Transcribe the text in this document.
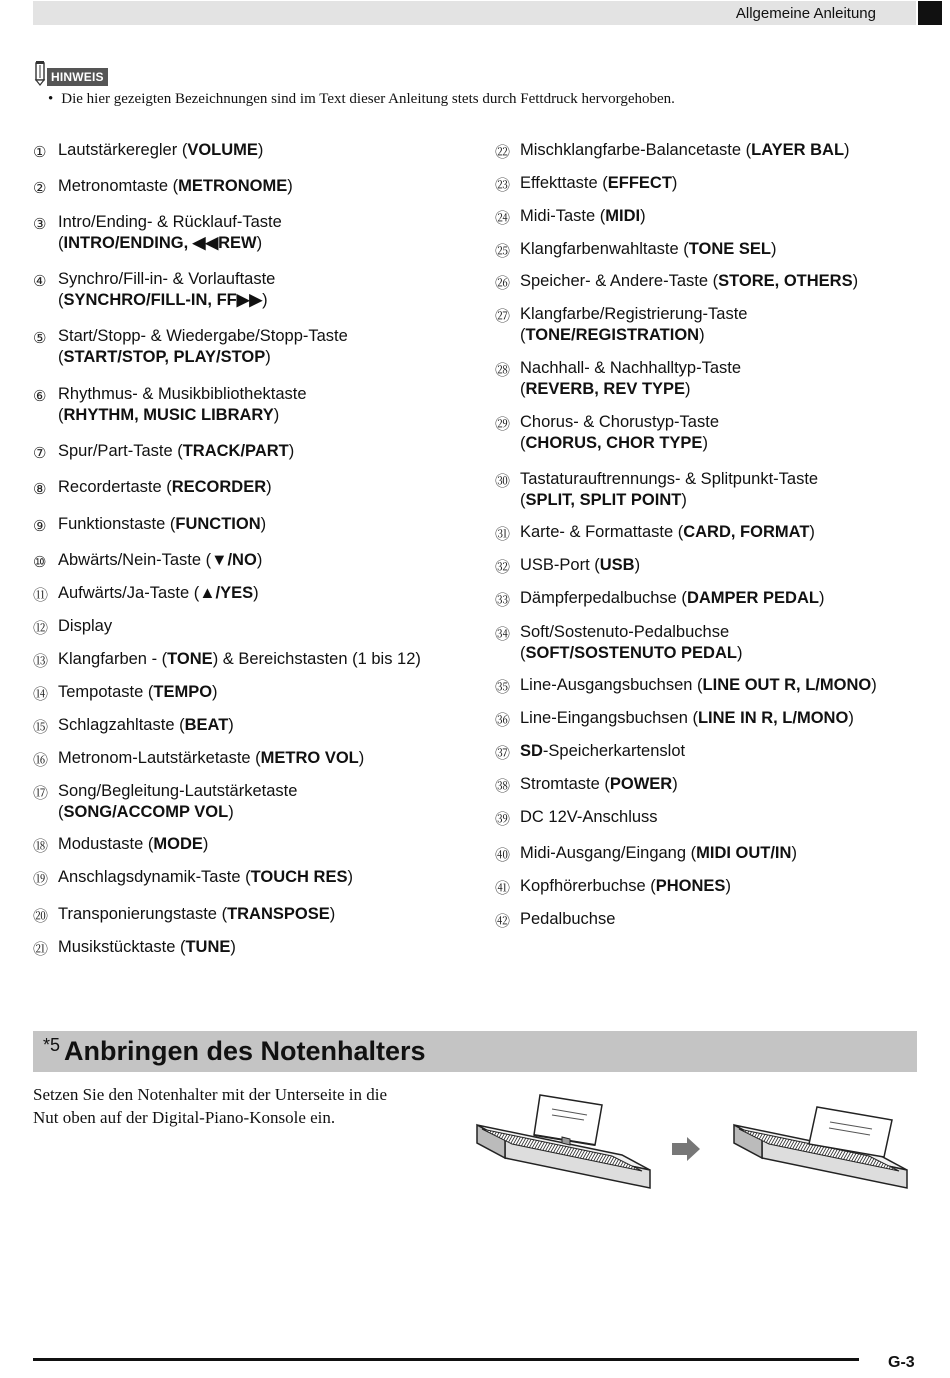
Allgemeine Anleitung
HINWEIS
• Die hier gezeigten Bezeichnungen sind im Text dieser Anleitung stets durch Fettdruck hervorgehoben.
① Lautstärkeregler (VOLUME)
② Metronomtaste (METRONOME)
③ Intro/Ending- & Rücklauf-Taste
(INTRO/ENDING, ◀◀REW)
④ Synchro/Fill-in- & Vorlauftaste
(SYNCHRO/FILL-IN, FF▶▶)
⑤ Start/Stopp- & Wiedergabe/Stopp-Taste
(START/STOP, PLAY/STOP)
⑥ Rhythmus- & Musikbibliothektaste
(RHYTHM, MUSIC LIBRARY)
⑦ Spur/Part-Taste (TRACK/PART)
⑧ Recordertaste (RECORDER)
⑨ Funktionstaste (FUNCTION)
⑩ Abwärts/Nein-Taste (▼/NO)
⑪ Aufwärts/Ja-Taste (▲/YES)
⑫ Display
⑬ Klangfarben - (TONE) & Bereichstasten (1 bis 12)
⑭ Tempotaste (TEMPO)
⑮ Schlagzahltaste (BEAT)
⑯ Metronom-Lautstärketaste (METRO VOL)
⑰ Song/Begleitung-Lautstärketaste
(SONG/ACCOMP VOL)
⑱ Modustaste (MODE)
⑲ Anschlagsdynamik-Taste (TOUCH RES)
⑳ Transponierungstaste (TRANSPOSE)
㉑ Musikstücktaste (TUNE)
㉒ Mischklangfarbe-Balancetaste (LAYER BAL)
㉓ Effekttaste (EFFECT)
㉔ Midi-Taste (MIDI)
㉕ Klangfarbenwahltaste (TONE SEL)
㉖ Speicher- & Andere-Taste (STORE, OTHERS)
㉗ Klangfarbe/Registrierung-Taste
(TONE/REGISTRATION)
㉘ Nachhall- & Nachhalltyp-Taste
(REVERB, REV TYPE)
㉙ Chorus- & Chorustyp-Taste
(CHORUS, CHOR TYPE)
㉚ Tastaturauftrennungs- & Splitpunkt-Taste
(SPLIT, SPLIT POINT)
㉛ Karte- & Formattaste (CARD, FORMAT)
㉜ USB-Port (USB)
㉝ Dämpferpedalbuchse (DAMPER PEDAL)
㉞ Soft/Sostenuto-Pedalbuchse
(SOFT/SOSTENUTO PEDAL)
㉟ Line-Ausgangsbuchsen (LINE OUT R, L/MONO)
㊱ Line-Eingangsbuchsen (LINE IN R, L/MONO)
㊲ SD-Speicherkartenslot
㊳ Stromtaste (POWER)
㊴ DC 12V-Anschluss
㊵ Midi-Ausgang/Eingang (MIDI OUT/IN)
㊶ Kopfhörerbuchse (PHONES)
㊷ Pedalbuchse
$^{*5}$ Anbringen des Notenhalters
Setzen Sie den Notenhalter mit der Unterseite in die Nut oben auf der Digital-Piano-Konsole ein.
G-3
